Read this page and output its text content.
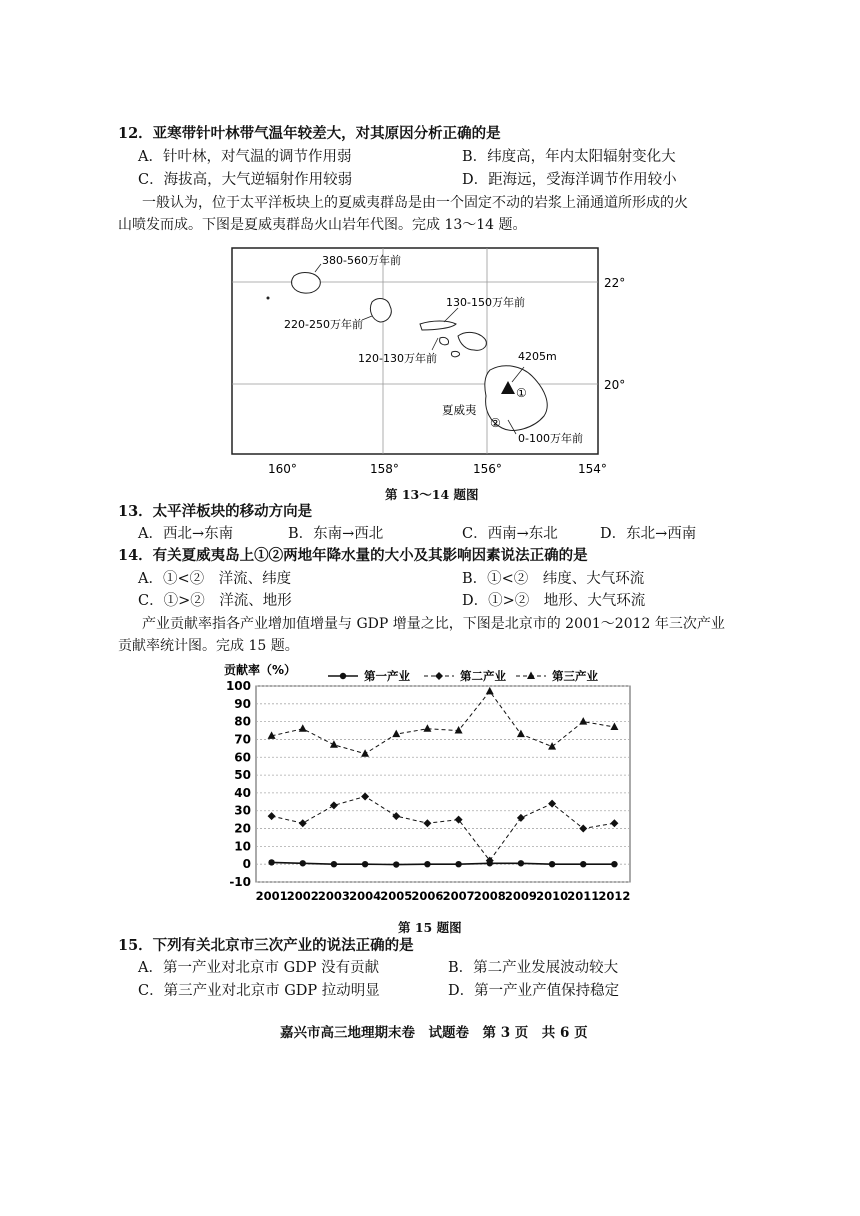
12．亚寒带针叶林带气温年较差大，对其原因分析正确的是
A．针叶林，对气温的调节作用弱	B．纬度高，年内太阳辐射变化大
C．海拔高，大气逆辐射作用较弱	D．距海远，受海洋调节作用较小
一般认为，位于太平洋板块上的夏威夷群岛是由一个固定不动的岩浆上涌通道所形成的火
山喷发而成。下图是夏威夷群岛火山岩年代图。完成 13～14 题。
380-560万年前
220-250万年前
130-150万年前
120-130万年前
0-100万年前
4205m
夏威夷
①
②
22°
20°
160°	158°	156°	154°
第 13～14 题图
13．太平洋板块的移动方向是
A．西北→东南	B．东南→西北	C．西南→东北	D．东北→西南
14．有关夏威夷岛上①②两地年降水量的大小及其影响因素说法正确的是
A．①<②　洋流、纬度	B．①<②　纬度、大气环流
C．①>②　洋流、地形	D．①>②　地形、大气环流
产业贡献率指各产业增加值增量与 GDP 增量之比，下图是北京市的 2001～2012 年三次产业
贡献率统计图。完成 15 题。
贡献率（%）	第一产业	第二产业	第三产业
2001 2002 2003 2004 2005 2006 2007 2008 2009 2010 2011 2012
-10
0
10
20
30
40
50
60
70
80
90
100
第 15 题图
15．下列有关北京市三次产业的说法正确的是
A．第一产业对北京市 GDP 没有贡献	B．第二产业发展波动较大
C．第三产业对北京市 GDP 拉动明显	D．第一产业产值保持稳定
嘉兴市高三地理期末卷　试题卷　第 3 页　共 6 页
